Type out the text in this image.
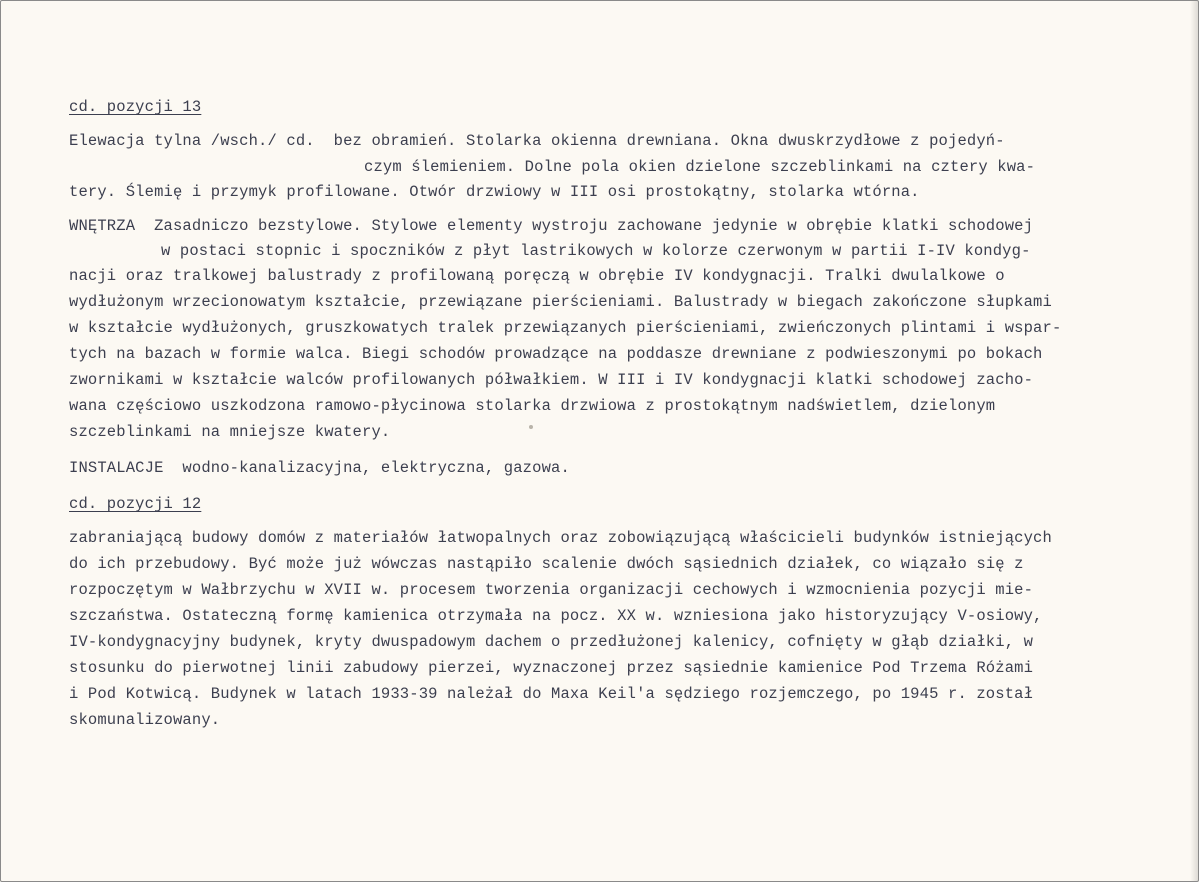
cd. pozycji 13

Elewacja tylna /wsch./ cd.  bez obramień. Stolarka okienna drewniana. Okna dwuskrzydłowe z pojedyń-

czym ślemieniem. Dolne pola okien dzielone szczeblinkami na cztery kwa-

tery. Ślemię i przymyk profilowane. Otwór drzwiowy w III osi prostokątny, stolarka wtórna.

WNĘTRZA  Zasadniczo bezstylowe. Stylowe elementy wystroju zachowane jedynie w obrębie klatki schodowej

w postaci stopnic i spoczników z płyt lastrikowych w kolorze czerwonym w partii I-IV kondyg-

nacji oraz tralkowej balustrady z profilowaną poręczą w obrębie IV kondygnacji. Tralki dwulalkowe o

wydłużonym wrzecionowatym kształcie, przewiązane pierścieniami. Balustrady w biegach zakończone słupkami

w kształcie wydłużonych, gruszkowatych tralek przewiązanych pierścieniami, zwieńczonych plintami i wspar-

tych na bazach w formie walca. Biegi schodów prowadzące na poddasze drewniane z podwieszonymi po bokach

zwornikami w kształcie walców profilowanych półwałkiem. W III i IV kondygnacji klatki schodowej zacho-

wana częściowo uszkodzona ramowo-płycinowa stolarka drzwiowa z prostokątnym nadświetlem, dzielonym

szczeblinkami na mniejsze kwatery.

INSTALACJE  wodno-kanalizacyjna, elektryczna, gazowa.

cd. pozycji 12

zabraniającą budowy domów z materiałów łatwopalnych oraz zobowiązującą właścicieli budynków istniejących

do ich przebudowy. Być może już wówczas nastąpiło scalenie dwóch sąsiednich działek, co wiązało się z

rozpoczętym w Wałbrzychu w XVII w. procesem tworzenia organizacji cechowych i wzmocnienia pozycji mie-

szczaństwa. Ostateczną formę kamienica otrzymała na pocz. XX w. wzniesiona jako historyzujący V-osiowy,

IV-kondygnacyjny budynek, kryty dwuspadowym dachem o przedłużonej kalenicy, cofnięty w głąb działki, w

stosunku do pierwotnej linii zabudowy pierzei, wyznaczonej przez sąsiednie kamienice Pod Trzema Różami

i Pod Kotwicą. Budynek w latach 1933-39 należał do Maxa Keil'a sędziego rozjemczego, po 1945 r. został

skomunalizowany.
